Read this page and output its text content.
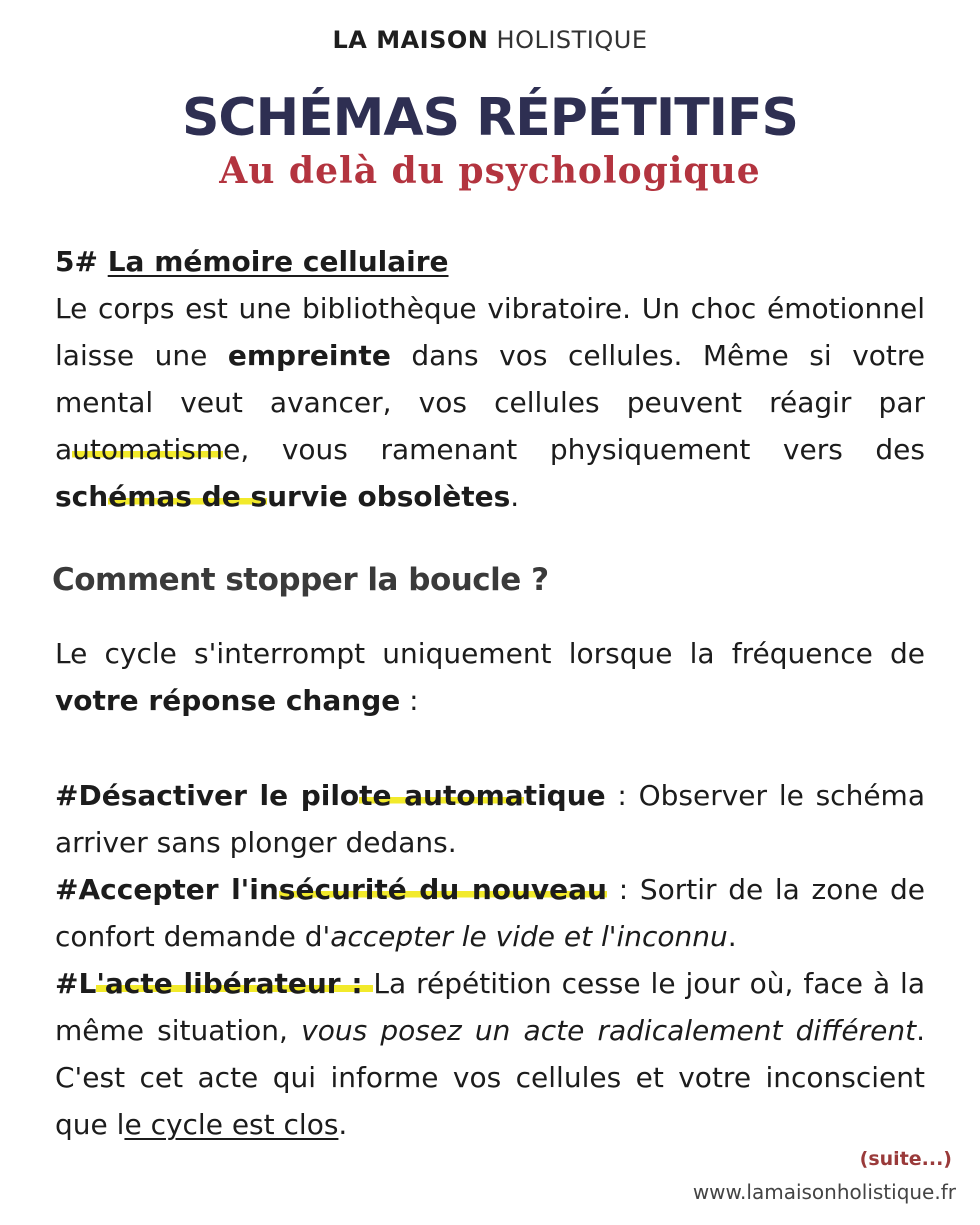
LA MAISON HOLISTIQUE
SCHÉMAS RÉPÉTITIFS
Au delà du psychologique
5# La mémoire cellulaire
Le corps est une bibliothèque vibratoire. Un choc émotionnel laisse une empreinte dans vos cellules. Même si votre mental veut avancer, vos cellules peuvent réagir par automatisme, vous ramenant physiquement vers des schémas de survie obsolètes.
Comment stopper la boucle ?
Le cycle s'interrompt uniquement lorsque la fréquence de votre réponse change :
#Désactiver le pilote automatique : Observer le schéma arriver sans plonger dedans.
#Accepter l'insécurité du nouveau : Sortir de la zone de confort demande d'accepter le vide et l'inconnu.
#L'acte libérateur : La répétition cesse le jour où, face à la même situation, vous posez un acte radicalement différent. C'est cet acte qui informe vos cellules et votre inconscient que le cycle est clos.
(suite...)
www.lamaisonholistique.fr
